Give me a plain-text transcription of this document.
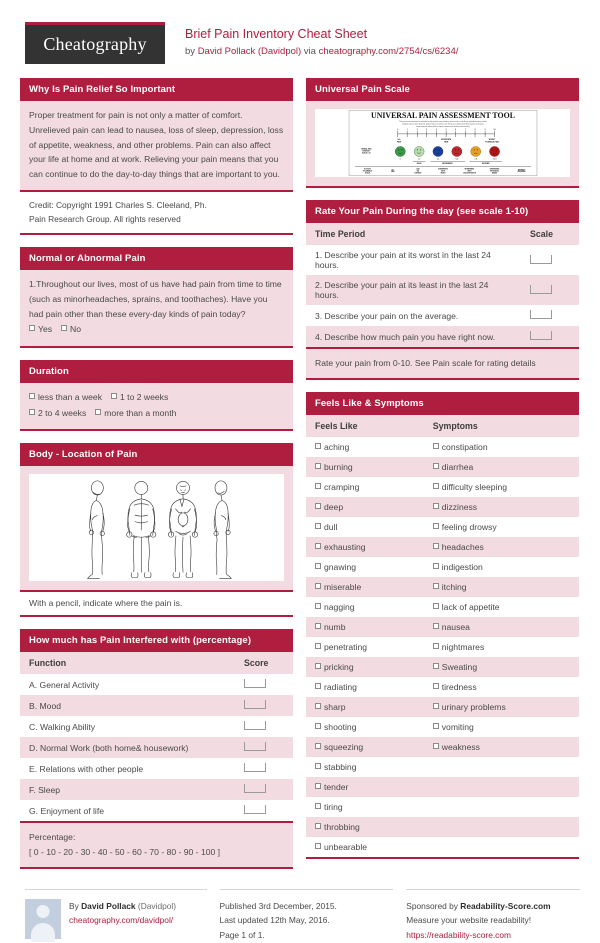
Cheatography	Brief Pain Inventory Cheat Sheet
by David Pollack (Davidpol) via cheatography.com/2754/cs/6234/
Why Is Pain Relief So Important
Proper treatment for pain is not only a matter of comfort. Unrelieved pain can lead to nausea, loss of sleep, depression, loss of appetite, weakness, and other problems. Pain can also affect your life at home and at work. Relieving your pain means that you can continue to do the day-to-day things that are important to you.
Credit: Copyright 1991 Charles S. Cleeland, Ph.
Pain Research Group. All rights reserved
Normal or Abnormal Pain
1.Throughout our lives, most of us have had pain from time to time (such as minorheadaches, sprains, and toothaches). Have you had pain other than these every-day kinds of pain today?
Yes No
Duration
less than a week 1 to 2 weeks
2 to 4 weeks more than a month
Body - Location of Pain
With a pencil, indicate where the pain is.
How much has Pain Interfered with (percentage)
Function	Score
A. General Activity	
B. Mood	
C. Walking Ability	
D. Normal Work (both home& housework)	
E. Relations with other people	
F. Sleep	
G. Enjoyment of life	
Percentage:
[ 0 - 10 - 20 - 30 - 40 - 50 - 60 - 70 - 80 - 90 - 100 ]
Universal Pain Scale
UNIVERSAL PAIN ASSESSMENT TOOL
This pain assessment tool is intended to help patient care providers assess pain according to individual patient needs.
Explain and use 0-10 Scale for patient self-assessment. Use the faces or behavioral observations to interpret
expressed pain when patient cannot communicate his/her pain intensity.
0 1	2 3	4 5 6	7 8	9 10
NO
PAIN
MODERATE
PAIN
WORST
POSSIBLE PAIN
0	1-2	3-4	5-6	7-8	9-10
MILD	MODERATE	SEVERE
ACTIVITY
TOLERANCE
SCALE
NO
PAIN
CAN
BE
IGNORED
INTERFERES
WITH
TASKS
INTERFERES
WITH
CONCENTRATION
INTERFERES
WITH BASIC
NEEDS
BEDREST
REQUIRED
VERBAL PAIN
INTENSITY
SCALE 0-10
Rate Your Pain During the day (see scale 1-10)
Time Period	Scale
1. Describe your pain at its worst in the last 24 hours.	
2. Describe your pain at its least in the last 24 hours.	
3. Describe your pain on the average.	
4. Describe how much pain you have right now.	
Rate your pain from 0-10. See Pain scale for rating details
Feels Like & Symptoms
Feels Like	Symptoms
aching	constipation
burning	diarrhea
cramping	difficulty sleeping
deep	dizziness
dull	feeling drowsy
exhausting	headaches
gnawing	indigestion
miserable	itching
nagging	lack of appetite
numb	nausea
penetrating	nightmares
pricking	Sweating
radiating	tiredness
sharp	urinary problems
shooting	vomiting
squeezing	weakness
stabbing	
tender	
tiring	
throbbing	
unbearable	
By David Pollack (Davidpol)
cheatography.com/davidpol/
Published 3rd December, 2015.
Last updated 12th May, 2016.
Page 1 of 1.
Sponsored by Readability-Score.com
Measure your website readability!
https://readability-score.com
